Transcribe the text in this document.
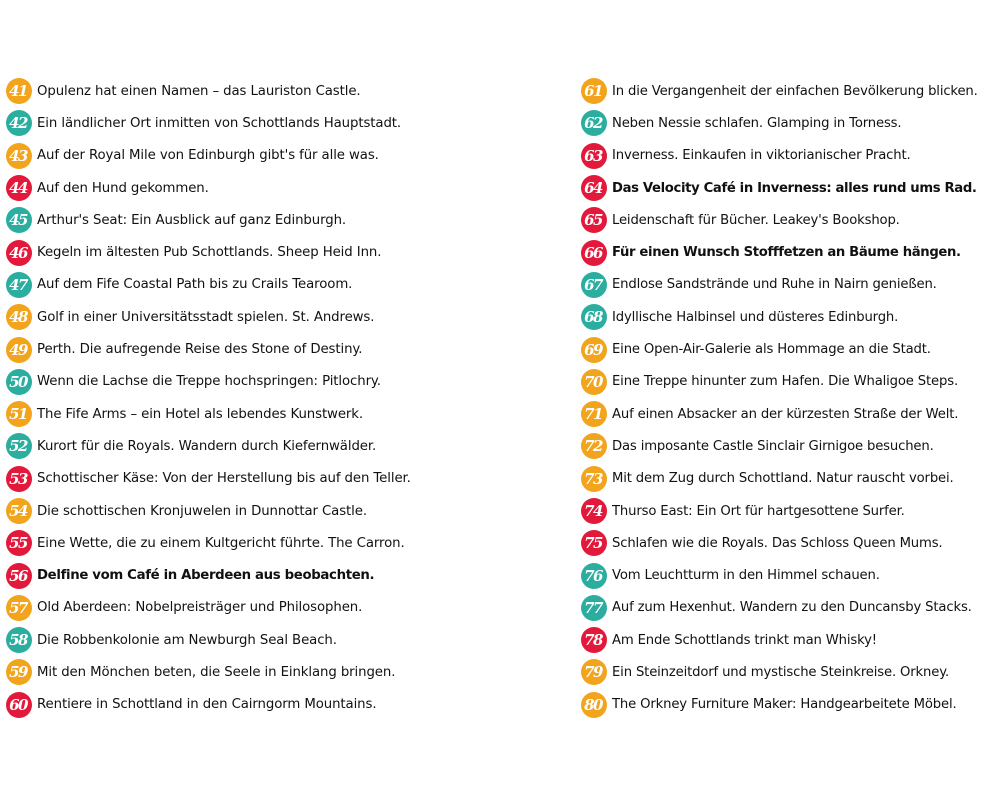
41 Opulenz hat einen Namen – das Lauriston Castle.
42 Ein ländlicher Ort inmitten von Schottlands Hauptstadt.
43 Auf der Royal Mile von Edinburgh gibt's für alle was.
44 Auf den Hund gekommen.
45 Arthur's Seat: Ein Ausblick auf ganz Edinburgh.
46 Kegeln im ältesten Pub Schottlands. Sheep Heid Inn.
47 Auf dem Fife Coastal Path bis zu Crails Tearoom.
48 Golf in einer Universitätsstadt spielen. St. Andrews.
49 Perth. Die aufregende Reise des Stone of Destiny.
50 Wenn die Lachse die Treppe hochspringen: Pitlochry.
51 The Fife Arms – ein Hotel als lebendes Kunstwerk.
52 Kurort für die Royals. Wandern durch Kiefernwälder.
53 Schottischer Käse: Von der Herstellung bis auf den Teller.
54 Die schottischen Kronjuwelen in Dunnottar Castle.
55 Eine Wette, die zu einem Kultgericht führte. The Carron.
56 Delfine vom Café in Aberdeen aus beobachten.
57 Old Aberdeen: Nobelpreisträger und Philosophen.
58 Die Robbenkolonie am Newburgh Seal Beach.
59 Mit den Mönchen beten, die Seele in Einklang bringen.
60 Rentiere in Schottland in den Cairngorm Mountains.
61 In die Vergangenheit der einfachen Bevölkerung blicken.
62 Neben Nessie schlafen. Glamping in Torness.
63 Inverness. Einkaufen in viktorianischer Pracht.
64 Das Velocity Café in Inverness: alles rund ums Rad.
65 Leidenschaft für Bücher. Leakey's Bookshop.
66 Für einen Wunsch Stofffetzen an Bäume hängen.
67 Endlose Sandstrände und Ruhe in Nairn genießen.
68 Idyllische Halbinsel und düsteres Edinburgh.
69 Eine Open-Air-Galerie als Hommage an die Stadt.
70 Eine Treppe hinunter zum Hafen. Die Whaligoe Steps.
71 Auf einen Absacker an der kürzesten Straße der Welt.
72 Das imposante Castle Sinclair Girnigoe besuchen.
73 Mit dem Zug durch Schottland. Natur rauscht vorbei.
74 Thurso East: Ein Ort für hartgesottene Surfer.
75 Schlafen wie die Royals. Das Schloss Queen Mums.
76 Vom Leuchtturm in den Himmel schauen.
77 Auf zum Hexenhut. Wandern zu den Duncansby Stacks.
78 Am Ende Schottlands trinkt man Whisky!
79 Ein Steinzeitdorf und mystische Steinkreise. Orkney.
80 The Orkney Furniture Maker: Handgearbeitete Möbel.
